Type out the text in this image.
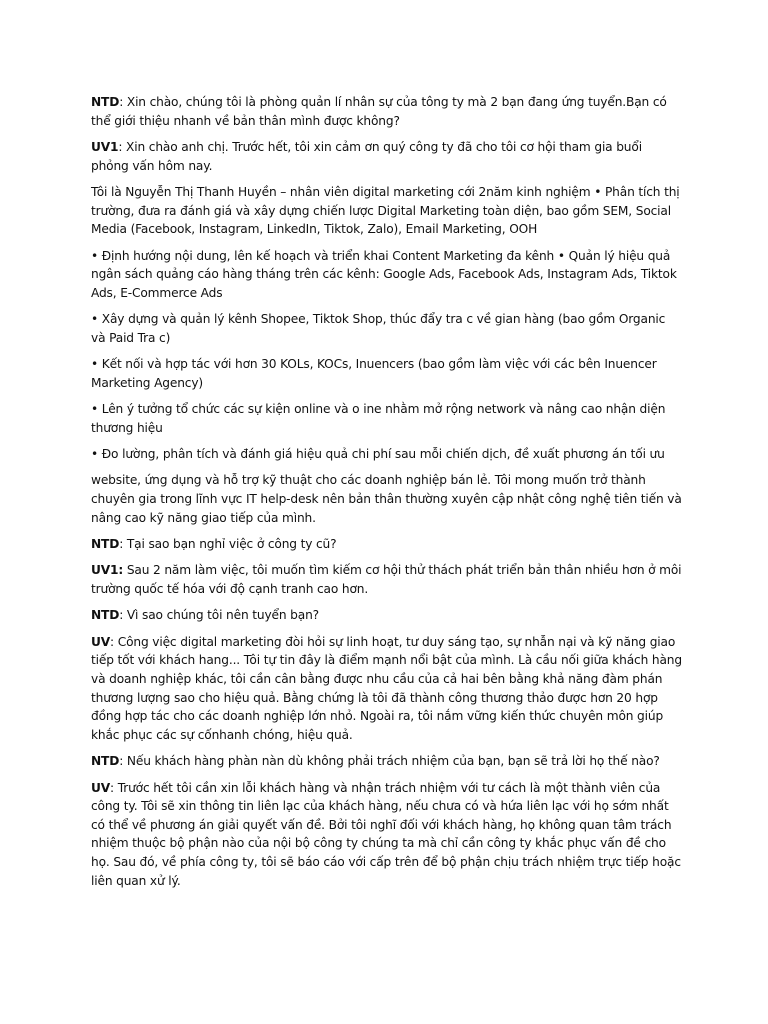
NTD: Xin chào, chúng tôi là phòng quản lí nhân sự của tông ty mà 2 bạn đang ứng tuyển.Bạn có thể giới thiệu nhanh về bản thân mình được không?

UV1: Xin chào anh chị. Trước hết, tôi xin cảm ơn quý công ty đã cho tôi cơ hội tham gia buổi phỏng vấn hôm nay.

Tôi là Nguyễn Thị Thanh Huyền – nhân viên digital marketing cới 2năm kinh nghiệm • Phân tích thị trường, đưa ra đánh giá và xây dựng chiến lược Digital Marketing toàn diện, bao gồm SEM, Social Media (Facebook, Instagram, LinkedIn, Tiktok, Zalo), Email Marketing, OOH

• Định hướng nội dung, lên kế hoạch và triển khai Content Marketing đa kênh • Quản lý hiệu quả ngân sách quảng cáo hàng tháng trên các kênh: Google Ads, Facebook Ads, Instagram Ads, Tiktok Ads, E-Commerce Ads

• Xây dựng và quản lý kênh Shopee, Tiktok Shop, thúc đẩy tra c về gian hàng (bao gồm Organic và Paid Tra c)

• Kết nối và hợp tác với hơn 30 KOLs, KOCs, Inuencers (bao gồm làm việc với các bên Inuencer Marketing Agency)

• Lên ý tưởng tổ chức các sự kiện online và o ine nhằm mở rộng network và nâng cao nhận diện thương hiệu

• Đo lường, phân tích và đánh giá hiệu quả chi phí sau mỗi chiến dịch, đề xuất phương án tối ưu

website, ứng dụng và hỗ trợ kỹ thuật cho các doanh nghiệp bán lẻ. Tôi mong muốn trở thành chuyên gia trong lĩnh vực IT help-desk nên bản thân thường xuyên cập nhật công nghệ tiên tiến và nâng cao kỹ năng giao tiếp của mình.

NTD: Tại sao bạn nghỉ việc ở công ty cũ?

UV1: Sau 2 năm làm việc, tôi muốn tìm kiếm cơ hội thử thách phát triển bản thân nhiều hơn ở môi trường quốc tế hóa với độ cạnh tranh cao hơn.

NTD: Vì sao chúng tôi nên tuyển bạn?

UV: Công việc digital marketing đòi hỏi sự linh hoạt, tư duy sáng tạo, sự nhẫn nại và kỹ năng giao tiếp tốt với khách hang... Tôi tự tin đây là điểm mạnh nổi bật của mình. Là cầu nối giữa khách hàng và doanh nghiệp khác, tôi cần cân bằng được nhu cầu của cả hai bên bằng khả năng đàm phán thương lượng sao cho hiệu quả. Bằng chứng là tôi đã thành công thương thảo được hơn 20 hợp đồng hợp tác cho các doanh nghiệp lớn nhỏ. Ngoài ra, tôi nắm vững kiến thức chuyên môn giúp khắc phục các sự cốnhanh chóng, hiệu quả.

NTD: Nếu khách hàng phàn nàn dù không phải trách nhiệm của bạn, bạn sẽ trả lời họ thế nào?

UV: Trước hết tôi cần xin lỗi khách hàng và nhận trách nhiệm với tư cách là một thành viên của công ty. Tôi sẽ xin thông tin liên lạc của khách hàng, nếu chưa có và hứa liên lạc với họ sớm nhất có thể về phương án giải quyết vấn đề. Bởi tôi nghĩ đối với khách hàng, họ không quan tâm trách nhiệm thuộc bộ phận nào của nội bộ công ty chúng ta mà chỉ cần công ty khắc phục vấn đề cho họ. Sau đó, về phía công ty, tôi sẽ báo cáo với cấp trên để bộ phận chịu trách nhiệm trực tiếp hoặc liên quan xử lý.
